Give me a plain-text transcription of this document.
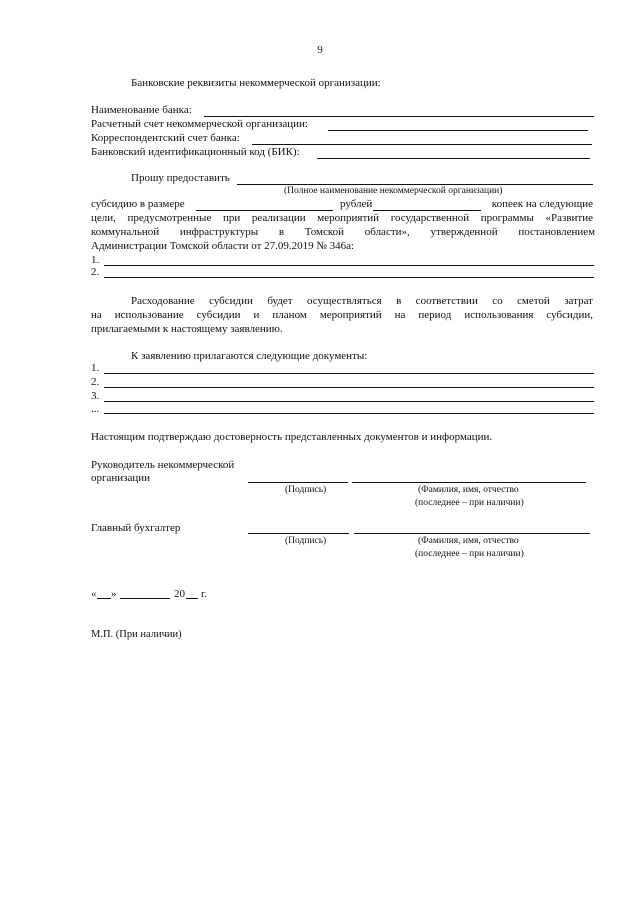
9
Банковские реквизиты некоммерческой организации:
Наименование банка:
Расчетный счет некоммерческой организации:
Корреспондентский счет банка:
Банковский идентификационный код (БИК):
Прошу предоставить
(Полное наименование некоммерческой организации)
субсидию в размере	рублей	копеек на следующие
цели, предусмотренные при реализации мероприятий государственной программы «Развитие
коммунальной инфраструктуры в Томской области», утвержденной постановлением
Администрации Томской области от 27.09.2019 № 346а:
1.
2.
Расходование субсидии будет осуществляться в соответствии со сметой затрат
на использование субсидии и планом мероприятий на период использования субсидии,
прилагаемыми к настоящему заявлению.
К заявлению прилагаются следующие документы:
1.
2.
3.
...
Настоящим подтверждаю достоверность представленных документов и информации.
Руководитель некоммерческой
организации
(Подпись)	(Фамилия, имя, отчество
(последнее – при наличии)
Главный бухгалтер
(Подпись)	(Фамилия, имя, отчество
(последнее – при наличии)
« »	20 г.
М.П. (При наличии)
